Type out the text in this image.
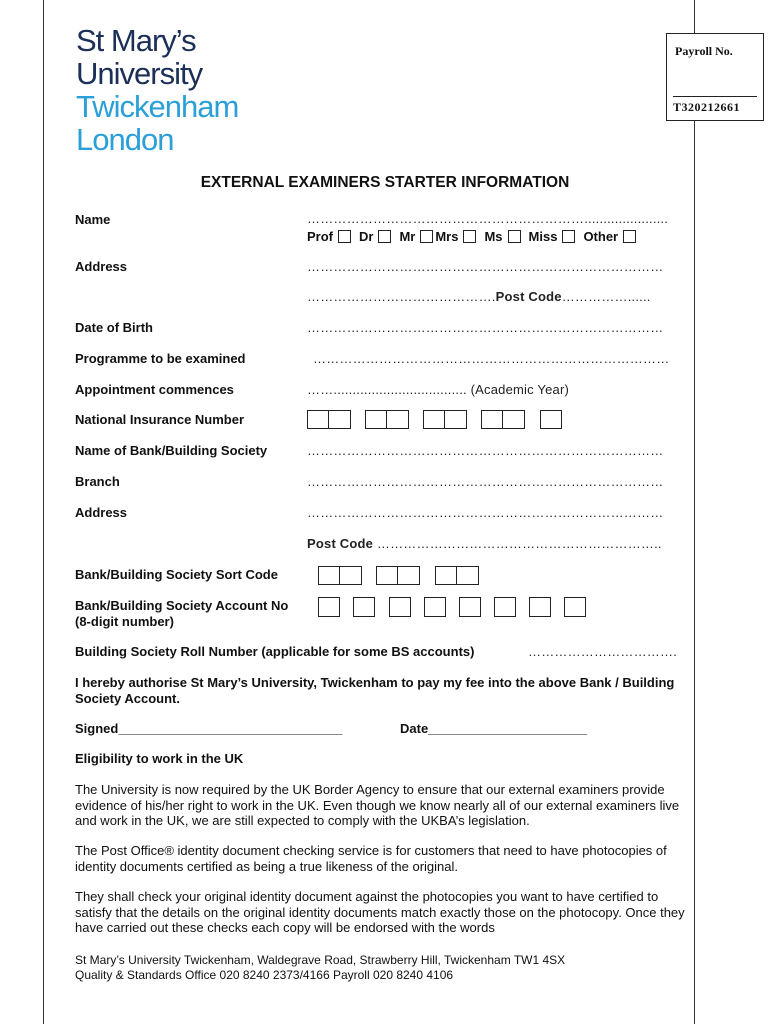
St Mary’s
University
Twickenham
London
Payroll No.
T320212661
EXTERNAL EXAMINERS STARTER INFORMATION
Name	………………………………………………………......................
Prof Dr Mr Mrs Ms Miss Other
Address	………………………………………………………………………
…………………………………….Post Code……………......
Date of Birth	………………………………………………………………………
Programme to be examined	………………………………………………………………………
Appointment commences	……................................... (Academic Year)
National Insurance Number
Name of Bank/Building Society	………………………………………………………………………
Branch	………………………………………………………………………
Address	………………………………………………………………………
Post Code ………………………………………………………..
Bank/Building Society Sort Code
Bank/Building Society Account No
(8-digit number)
Building Society Roll Number (applicable for some BS accounts)	…………………………….
I hereby authorise St Mary’s University, Twickenham to pay my fee into the above Bank / Building Society Account.
Signed_______________________________	Date______________________
Eligibility to work in the UK
The University is now required by the UK Border Agency to ensure that our external examiners provide evidence of his/her right to work in the UK. Even though we know nearly all of our external examiners live and work in the UK, we are still expected to comply with the UKBA’s legislation.
The Post Office® identity document checking service is for customers that need to have photocopies of identity documents certified as being a true likeness of the original.
They shall check your original identity document against the photocopies you want to have certified to satisfy that the details on the original identity documents match exactly those on the photocopy. Once they have carried out these checks each copy will be endorsed with the words
St Mary’s University Twickenham, Waldegrave Road, Strawberry Hill, Twickenham TW1 4SX
Quality & Standards Office 020 8240 2373/4166 Payroll 020 8240 4106
